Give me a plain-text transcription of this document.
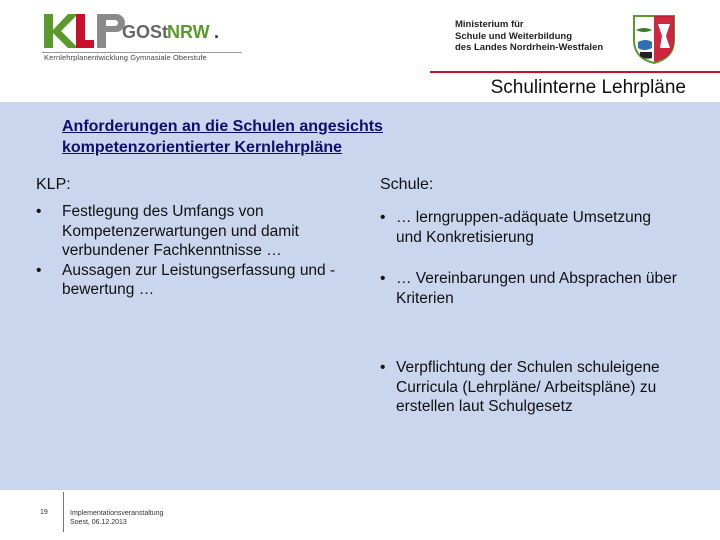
GOSt
NRW .
Kernlehrplanentwicklung Gymnasiale Oberstufe
Ministerium für
Schule und Weiterbildung
des Landes Nordrhein-Westfalen
Schulinterne Lehrpläne
Anforderungen an die Schulen angesichts kompetenzorientierter Kernlehrpläne
KLP:
• Festlegung des Umfangs von Kompetenzerwartungen und damit verbundener Fachkenntnisse …
• Aussagen zur Leistungserfassung und -bewertung …
Schule:
• … lerngruppen-adäquate Umsetzung und Konkretisierung
• … Vereinbarungen und Absprachen über Kriterien
• Verpflichtung der Schulen schuleigene Curricula (Lehrpläne/ Arbeitspläne) zu erstellen laut Schulgesetz
19	Implementationsveranstaltung
Soest, 06.12.2013
